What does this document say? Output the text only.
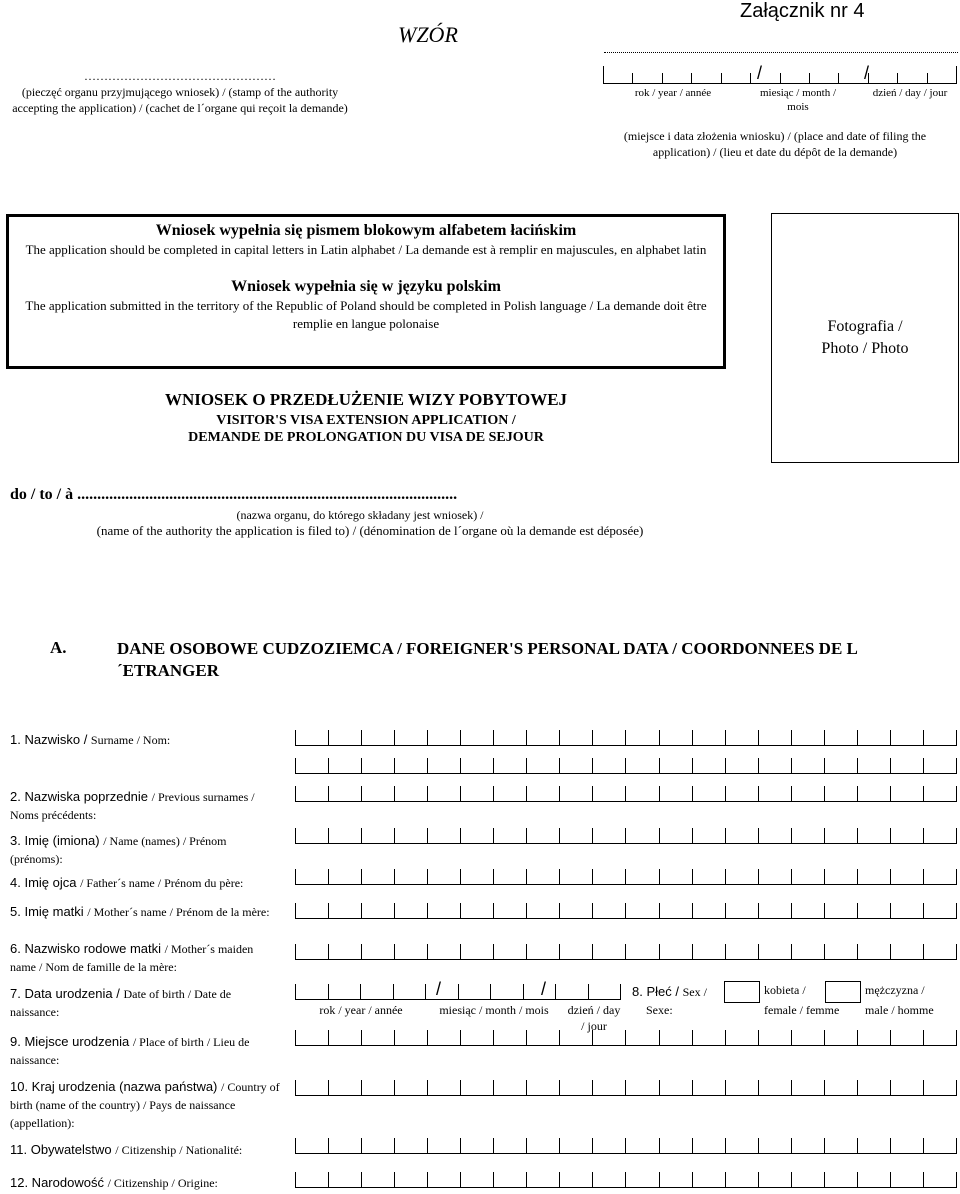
WZÓR
Załącznik nr 4
…………………………………………
(pieczęć organu przyjmującego wniosek) / (stamp of the authority accepting the application) / (cachet de l´organe qui reçoit la demande)
/	/
rok / year / année	miesiąc / month / mois
dzień / day / jour
(miejsce i data złożenia wniosku) / (place and date of filing the application) / (lieu et date du dépôt de la demande)
Wniosek wypełnia się pismem blokowym alfabetem łacińskim
The application should be completed in capital letters in Latin alphabet / La demande est à remplir en majuscules, en alphabet latin
Wniosek wypełnia się w języku polskim
The application submitted in the territory of the Republic of Poland should be completed in Polish language / La demande doit être remplie en langue polonaise	Fotografia /
Photo / Photo
WNIOSEK O PRZEDŁUŻENIE WIZY POBYTOWEJ
VISITOR'S VISA EXTENSION APPLICATION /
DEMANDE DE PROLONGATION DU VISA DE SEJOUR
do / to / à ...............................................................................................
(nazwa organu, do którego składany jest wniosek) /
(name of the authority the application is filed to) / (dénomination de l´organe où la demande est déposée)
A.	DANE OSOBOWE CUDZOZIEMCA / FOREIGNER'S PERSONAL DATA / COORDONNEES DE L´ETRANGER
1. Nazwisko / Surname / Nom:
2. Nazwiska poprzednie / Previous surnames / Noms précédents:
3. Imię (imiona) / Name (names) / Prénom (prénoms):
4. Imię ojca / Father´s name / Prénom du père:
5. Imię matki / Mother´s name / Prénom de la mère:
6. Nazwisko rodowe matki / Mother´s maiden name / Nom de famille de la mère:
7. Data urodzenia / Date of birth / Date de naissance:
/	/
rok / year / année	miesiąc / month / mois dzień / day / jour
8. Płeć / Sex /
Sexe:
kobieta /
female / femme
mężczyzna /
male / homme
9. Miejsce urodzenia / Place of birth / Lieu de naissance:
10. Kraj urodzenia (nazwa państwa) / Country of birth (name of the country) / Pays de naissance (appellation):
11. Obywatelstwo / Citizenship / Nationalité:
12. Narodowość / Citizenship / Origine:
